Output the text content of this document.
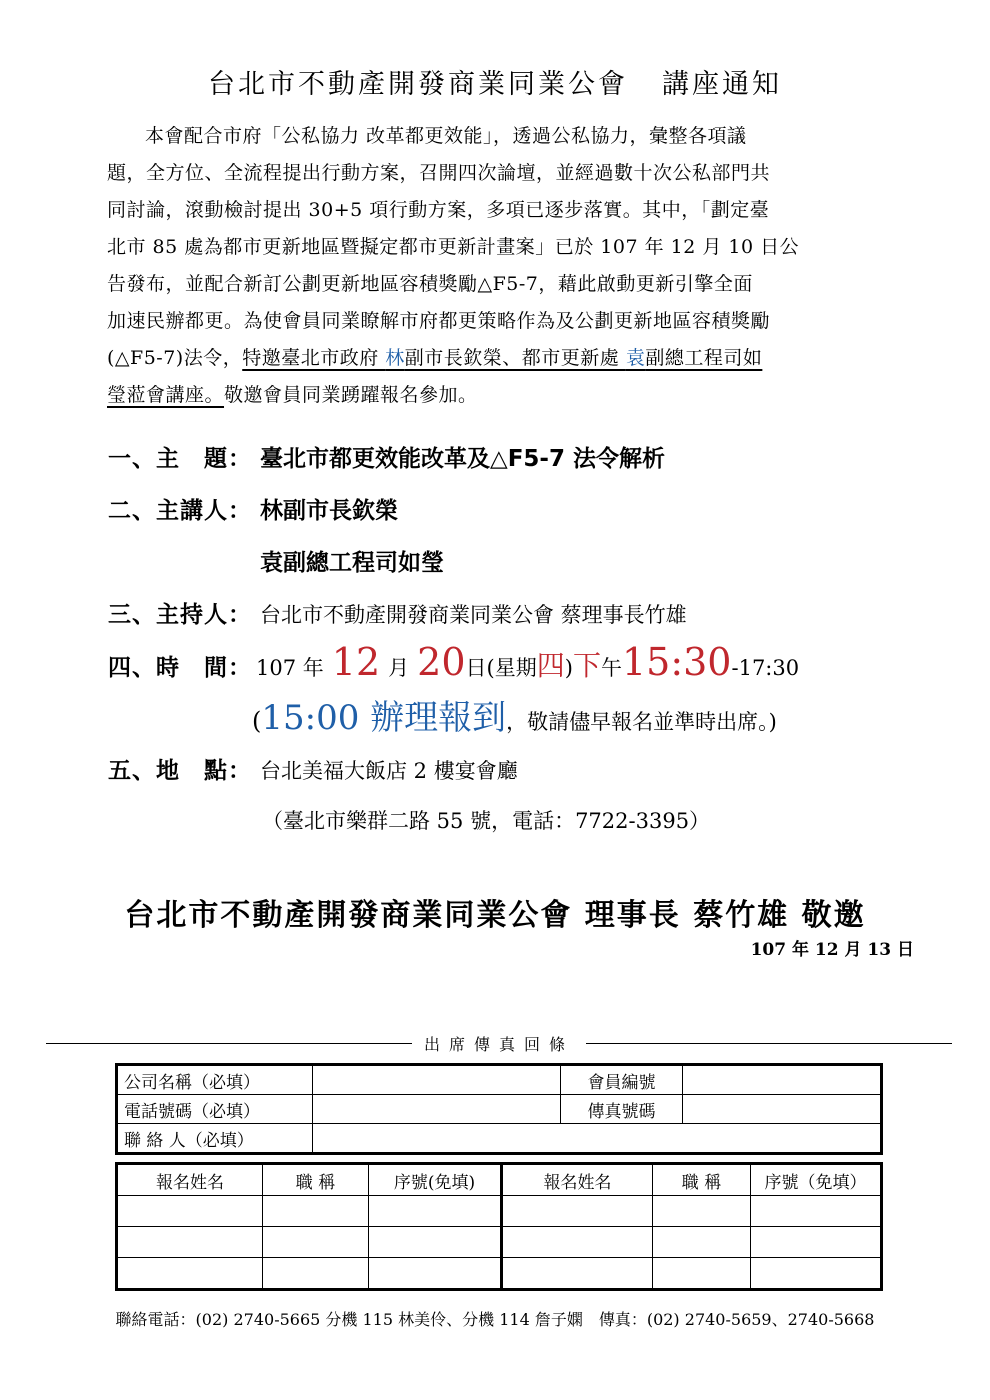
台北市不動產開發商業同業公會 講座通知
本會配合市府「公私協力 改革都更效能」，透過公私協力，彙整各項議
題，全方位、全流程提出行動方案，召開四次論壇，並經過數十次公私部門共
同討論，滾動檢討提出 30+5 項行動方案，多項已逐步落實。其中，「劃定臺
北市 85 處為都市更新地區暨擬定都市更新計畫案」已於 107 年 12 月 10 日公
告發布，並配合新訂公劃更新地區容積獎勵△F5-7，藉此啟動更新引擎全面
加速民辦都更。為使會員同業瞭解市府都更策略作為及公劃更新地區容積獎勵
(△F5-7)法令，特邀臺北市政府 林副市長欽榮、都市更新處 袁副總工程司如
瑩蒞會講座。敬邀會員同業踴躍報名參加。
一、主　題： 臺北市都更效能改革及△F5-7 法令解析
二、主講人： 林副市長欽榮
袁副總工程司如瑩
三、主持人： 台北市不動產開發商業同業公會 蔡理事長竹雄
四、時　間： 107 年 12 月 20日(星期四)下午15:30-17:30
(15:00 辦理報到，敬請儘早報名並準時出席。)
五、地　點： 台北美福大飯店 2 樓宴會廳
（臺北市樂群二路 55 號，電話：7722-3395）
台北市不動產開發商業同業公會 理事長 蔡竹雄 敬邀
107 年 12 月 13 日
出席傳真回條
公司名稱（必填）		會員編號	
電話號碼（必填）		傳真號碼	
聯 絡 人（必填）			
報名姓名	職 稱	序號(免填)	報名姓名	職 稱	序號（免填）

聯絡電話：(02) 2740-5665 分機 115 林美伶、分機 114 詹子嫻　傳真：(02) 2740-5659、2740-5668
